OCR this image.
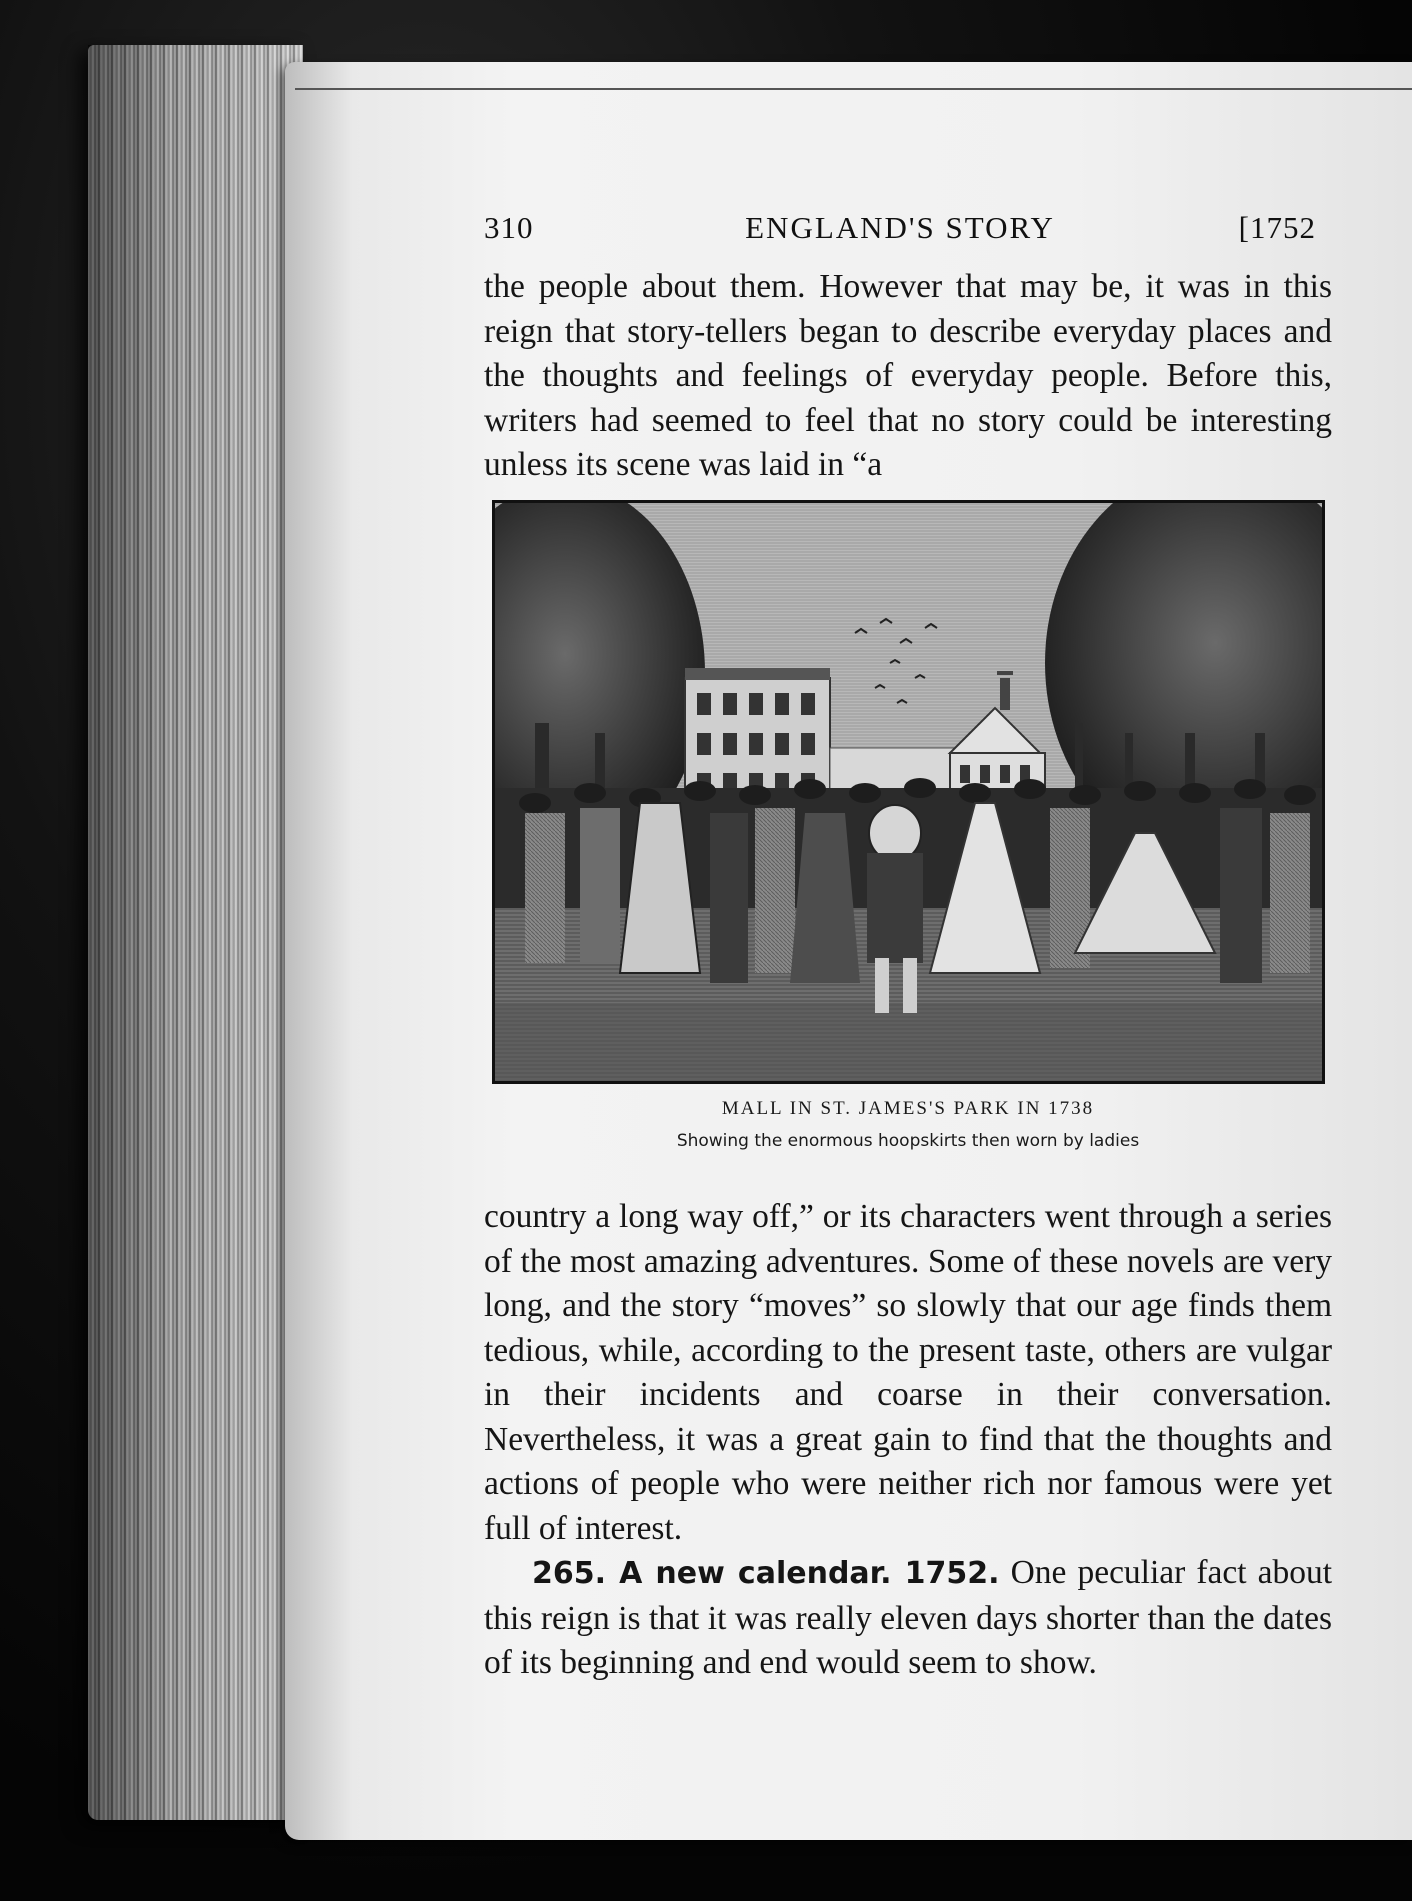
310	ENGLAND'S STORY	[1752

the people about them. However that may be, it was in this reign that story-tellers began to describe everyday places and the thoughts and feelings of everyday people. Before this, writers had seemed to feel that no story could be interesting unless its scene was laid in “a

MALL IN ST. JAMES'S PARK IN 1738
Showing the enormous hoopskirts then worn by ladies

country a long way off,” or its characters went through a series of the most amazing adventures. Some of these novels are very long, and the story “moves” so slowly that our age finds them tedious, while, according to the present taste, others are vulgar in their incidents and coarse in their conversation. Nevertheless, it was a great gain to find that the thoughts and actions of people who were neither rich nor famous were yet full of interest.

265. A new calendar. 1752. One peculiar fact about this reign is that it was really eleven days shorter than the dates of its beginning and end would seem to show.
